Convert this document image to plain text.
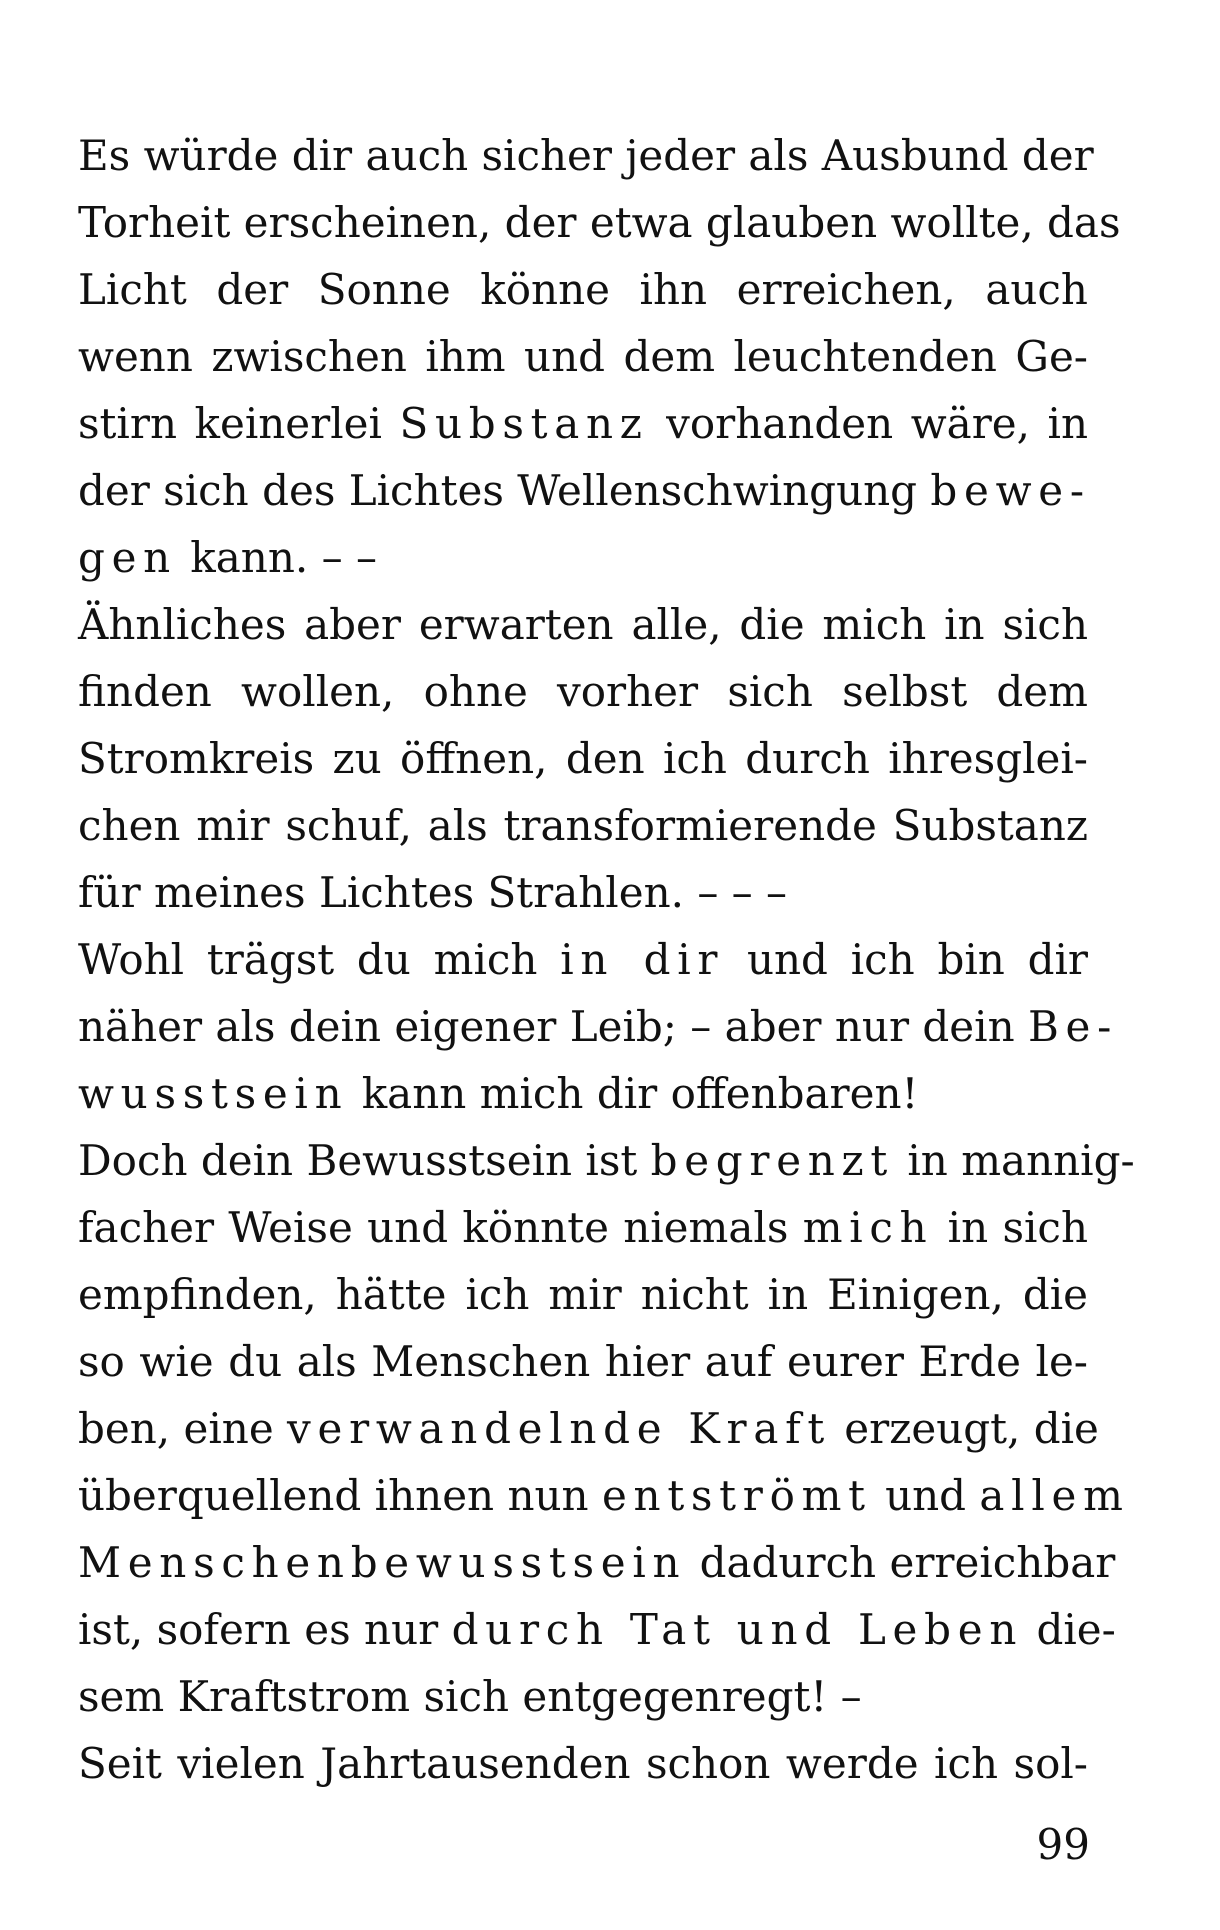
Es würde dir auch sicher jeder als Ausbund der
Torheit erscheinen, der etwa glauben wollte, das
Licht der Sonne könne ihn erreichen, auch
wenn zwischen ihm und dem leuchtenden Ge-
stirn keinerlei Substanz vorhanden wäre, in
der sich des Lichtes Wellenschwingung bewe-
gen kann. – –
Ähnliches aber erwarten alle, die mich in sich
finden wollen, ohne vorher sich selbst dem
Stromkreis zu öffnen, den ich durch ihresglei-
chen mir schuf, als transformierende Substanz
für meines Lichtes Strahlen. – – –
Wohl trägst du mich in dir und ich bin dir
näher als dein eigener Leib; – aber nur dein Be-
wusstsein kann mich dir offenbaren!
Doch dein Bewusstsein ist begrenzt in mannig-
facher Weise und könnte niemals mich in sich
empfinden, hätte ich mir nicht in Einigen, die
so wie du als Menschen hier auf eurer Erde le-
ben, eine verwandelnde Kraft erzeugt, die
überquellend ihnen nun entströmt und allem
Menschenbewusstsein dadurch erreichbar
ist, sofern es nur durch Tat und Leben die-
sem Kraftstrom sich entgegenregt! –
Seit vielen Jahrtausenden schon werde ich sol-
99
